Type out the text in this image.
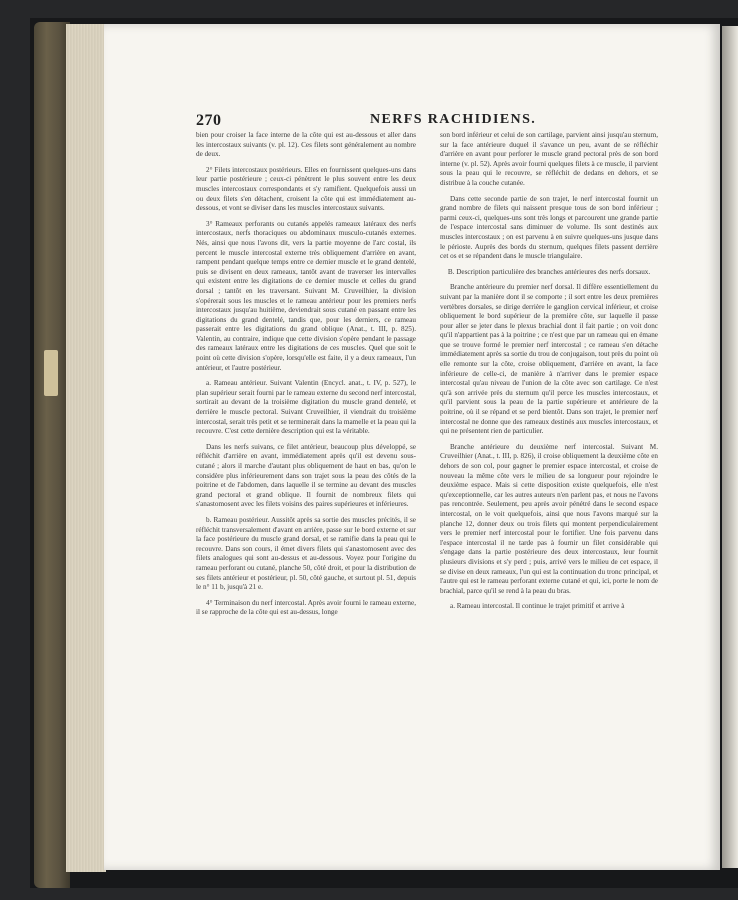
270	NERFS RACHIDIENS.

bien pour croiser la face interne de la côte qui est au-dessous et aller dans les intercostaux suivants (v. pl. 12). Ces filets sont généralement au nombre de deux.

2° Filets intercostaux postérieurs. Elles en fournissent quelques-uns dans leur partie postérieure ; ceux-ci pénètrent le plus souvent entre les deux muscles intercostaux correspondants et s'y ramifient. Quelquefois aussi un ou deux filets s'en détachent, croisent la côte qui est immédiatement au-dessous, et vont se diviser dans les muscles intercostaux suivants.

3° Rameaux perforants ou cutanés appelés rameaux latéraux des nerfs intercostaux, nerfs thoraciques ou abdominaux musculo-cutanés externes. Nés, ainsi que nous l'avons dit, vers la partie moyenne de l'arc costal, ils percent le muscle intercostal externe très obliquement d'arrière en avant, rampent pendant quelque temps entre ce dernier muscle et le grand dentelé, puis se divisent en deux rameaux, tantôt avant de traverser les intervalles qui existent entre les digitations de ce dernier muscle et celles du grand dorsal ; tantôt en les traversant. Suivant M. Cruveilhier, la division s'opérerait sous les muscles et le rameau antérieur pour les premiers nerfs intercostaux jusqu'au huitième, deviendrait sous cutané en passant entre les digitations du grand dentelé, tandis que, pour les derniers, ce rameau passerait entre les digitations du grand oblique (Anat., t. III, p. 825). Valentin, au contraire, indique que cette division s'opère pendant le passage des rameaux latéraux entre les digitations de ces muscles. Quel que soit le point où cette division s'opère, lorsqu'elle est faite, il y a deux rameaux, l'un antérieur, et l'autre postérieur.

a. Rameau antérieur. Suivant Valentin (Encycl. anat., t. IV, p. 527), le plan supérieur serait fourni par le rameau externe du second nerf intercostal, sortirait au devant de la troisième digitation du muscle grand dentelé, et derrière le muscle pectoral. Suivant Cruveilhier, il viendrait du troisième intercostal, serait très petit et se terminerait dans la mamelle et la peau qui la recouvre. C'est cette dernière description qui est la véritable.

Dans les nerfs suivans, ce filet antérieur, beaucoup plus développé, se réfléchit d'arrière en avant, immédiatement après qu'il est devenu sous-cutané ; alors il marche d'autant plus obliquement de haut en bas, qu'on le considère plus inférieurement dans son trajet sous la peau des côtés de la poitrine et de l'abdomen, dans laquelle il se termine au devant des muscles grand pectoral et grand oblique. Il fournit de nombreux filets qui s'anastomosent avec les filets voisins des paires supérieures et inférieures.

b. Rameau postérieur. Aussitôt après sa sortie des muscles précités, il se réfléchit transversalement d'avant en arrière, passe sur le bord externe et sur la face postérieure du muscle grand dorsal, et se ramifie dans la peau qui le recouvre. Dans son cours, il émet divers filets qui s'anastomosent avec des filets analogues qui sont au-dessus et au-dessous. Voyez pour l'origine du rameau perforant ou cutané, planche 50, côté droit, et pour la distribution de ses filets antérieur et postérieur, pl. 50, côté gauche, et surtout pl. 51, depuis le n° 11 b, jusqu'à 21 e.

4° Terminaison du nerf intercostal. Après avoir fourni le rameau externe, il se rapproche de la côte qui est au-dessus, longe

son bord inférieur et celui de son cartilage, parvient ainsi jusqu'au sternum, sur la face antérieure duquel il s'avance un peu, avant de se réfléchir d'arrière en avant pour perforer le muscle grand pectoral près de son bord interne (v. pl. 52). Après avoir fourni quelques filets à ce muscle, il parvient sous la peau qui le recouvre, se réfléchit de dedans en dehors, et se distribue à la couche cutanée.

Dans cette seconde partie de son trajet, le nerf intercostal fournit un grand nombre de filets qui naissent presque tous de son bord inférieur ; parmi ceux-ci, quelques-uns sont très longs et parcourent une grande partie de l'espace intercostal sans diminuer de volume. Ils sont destinés aux muscles intercostaux ; on est parvenu à en suivre quelques-uns jusque dans le périoste. Auprès des bords du sternum, quelques filets passent derrière cet os et se répandent dans le muscle triangulaire.

B. Description particulière des branches antérieures des nerfs dorsaux.

Branche antérieure du premier nerf dorsal. Il diffère essentiellement du suivant par la manière dont il se comporte ; il sort entre les deux premières vertèbres dorsales, se dirige derrière le ganglion cervical inférieur, et croise obliquement le bord supérieur de la première côte, sur laquelle il passe pour aller se jeter dans le plexus brachial dont il fait partie ; on voit donc qu'il n'appartient pas à la poitrine ; ce n'est que par un rameau qui en émane que se trouve formé le premier nerf intercostal ; ce rameau s'en détache immédiatement après sa sortie du trou de conjugaison, tout près du point où elle remonte sur la côte, croise obliquement, d'arrière en avant, la face inférieure de celle-ci, de manière à n'arriver dans le premier espace intercostal qu'au niveau de l'union de la côte avec son cartilage. Ce n'est qu'à son arrivée près du sternum qu'il perce les muscles intercostaux, et qu'il parvient sous la peau de la partie supérieure et antérieure de la poitrine, où il se répand et se perd bientôt. Dans son trajet, le premier nerf intercostal ne donne que des rameaux destinés aux muscles intercostaux, et qui ne présentent rien de particulier.

Branche antérieure du deuxième nerf intercostal. Suivant M. Cruveilhier (Anat., t. III, p. 826), il croise obliquement la deuxième côte en dehors de son col, pour gagner le premier espace intercostal, et croise de nouveau la même côte vers le milieu de sa longueur pour rejoindre le deuxième espace. Mais si cette disposition existe quelquefois, elle n'est qu'exceptionnelle, car les autres auteurs n'en parlent pas, et nous ne l'avons pas rencontrée. Seulement, peu après avoir pénétré dans le second espace intercostal, on le voit quelquefois, ainsi que nous l'avons marqué sur la planche 12, donner deux ou trois filets qui montent perpendiculairement vers le premier nerf intercostal pour le fortifier. Une fois parvenu dans l'espace intercostal il ne tarde pas à fournir un filet considérable qui s'engage dans la partie postérieure des deux intercostaux, leur fournit plusieurs divisions et s'y perd ; puis, arrivé vers le milieu de cet espace, il se divise en deux rameaux, l'un qui est la continuation du tronc principal, et l'autre qui est le rameau perforant externe cutané et qui, ici, porte le nom de brachial, parce qu'il se rend à la peau du bras.

a. Rameau intercostal. Il continue le trajet primitif et arrive à
